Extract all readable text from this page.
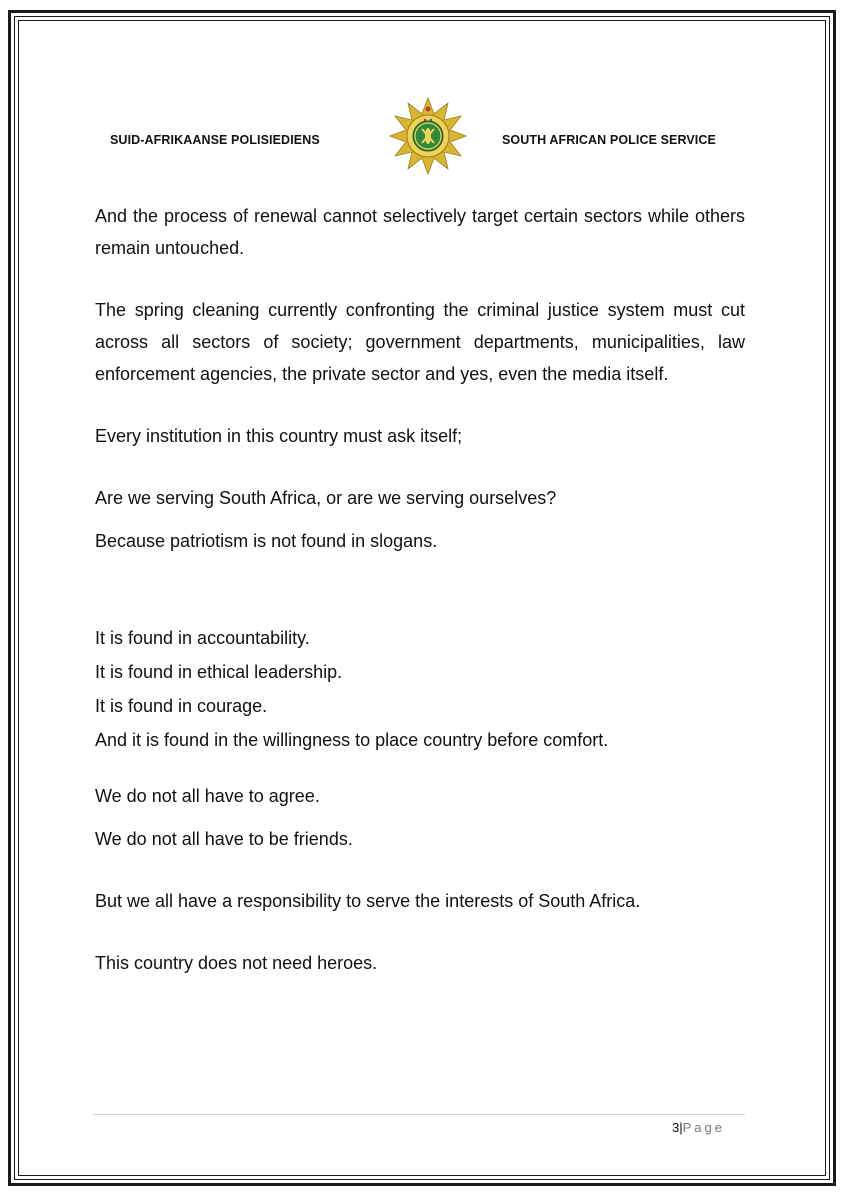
SUID-AFRIKAANSE POLISIEDIENS	SOUTH AFRICAN POLICE SERVICE

And the process of renewal cannot selectively target certain sectors while others remain untouched.

The spring cleaning currently confronting the criminal justice system must cut across all sectors of society; government departments, municipalities, law enforcement agencies, the private sector and yes, even the media itself.

Every institution in this country must ask itself;

Are we serving South Africa, or are we serving ourselves?

Because patriotism is not found in slogans.

It is found in accountability.

It is found in ethical leadership.

It is found in courage.

And it is found in the willingness to place country before comfort.

We do not all have to agree.

We do not all have to be friends.

But we all have a responsibility to serve the interests of South Africa.

This country does not need heroes.

3|Page
